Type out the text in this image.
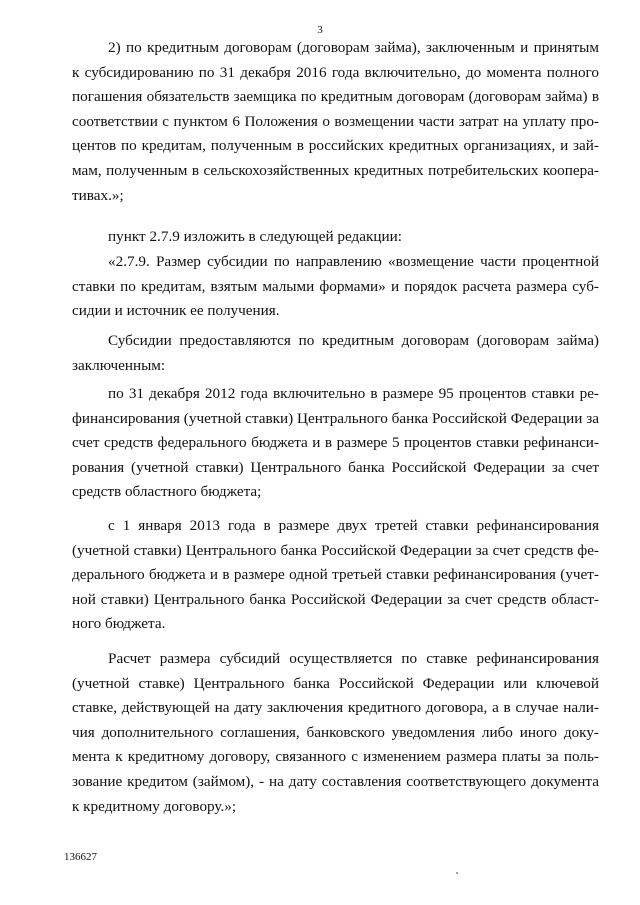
3
2) по кредитным договорам (договорам займа), заключенным и принятым
к субсидированию по 31 декабря 2016 года включительно, до момента полного
погашения обязательств заемщика по кредитным договорам (договорам займа) в
соответствии с пунктом 6 Положения о возмещении части затрат на уплату про-
центов по кредитам, полученным в российских кредитных организациях, и зай-
мам, полученным в сельскохозяйственных кредитных потребительских коопера-
тивах.»;
пункт 2.7.9 изложить в следующей редакции:
«2.7.9. Размер субсидии по направлению «возмещение части процентной
ставки по кредитам, взятым малыми формами» и порядок расчета размера суб-
сидии и источник ее получения.
Субсидии предоставляются по кредитным договорам (договорам займа)
заключенным:
по 31 декабря 2012 года включительно в размере 95 процентов ставки ре-
финансирования (учетной ставки) Центрального банка Российской Федерации за
счет средств федерального бюджета и в размере 5 процентов ставки рефинанси-
рования (учетной ставки) Центрального банка Российской Федерации за счет
средств областного бюджета;
с 1 января 2013 года в размере двух третей ставки рефинансирования
(учетной ставки) Центрального банка Российской Федерации за счет средств фе-
дерального бюджета и в размере одной третьей ставки рефинансирования (учет-
ной ставки) Центрального банка Российской Федерации за счет средств област-
ного бюджета.
Расчет размера субсидий осуществляется по ставке рефинансирования
(учетной ставке) Центрального банка Российской Федерации или ключевой
ставке, действующей на дату заключения кредитного договора, а в случае нали-
чия дополнительного соглашения, банковского уведомления либо иного доку-
мента к кредитному договору, связанного с изменением размера платы за поль-
зование кредитом (займом), - на дату составления соответствующего документа
к кредитному договору.»;
136627
